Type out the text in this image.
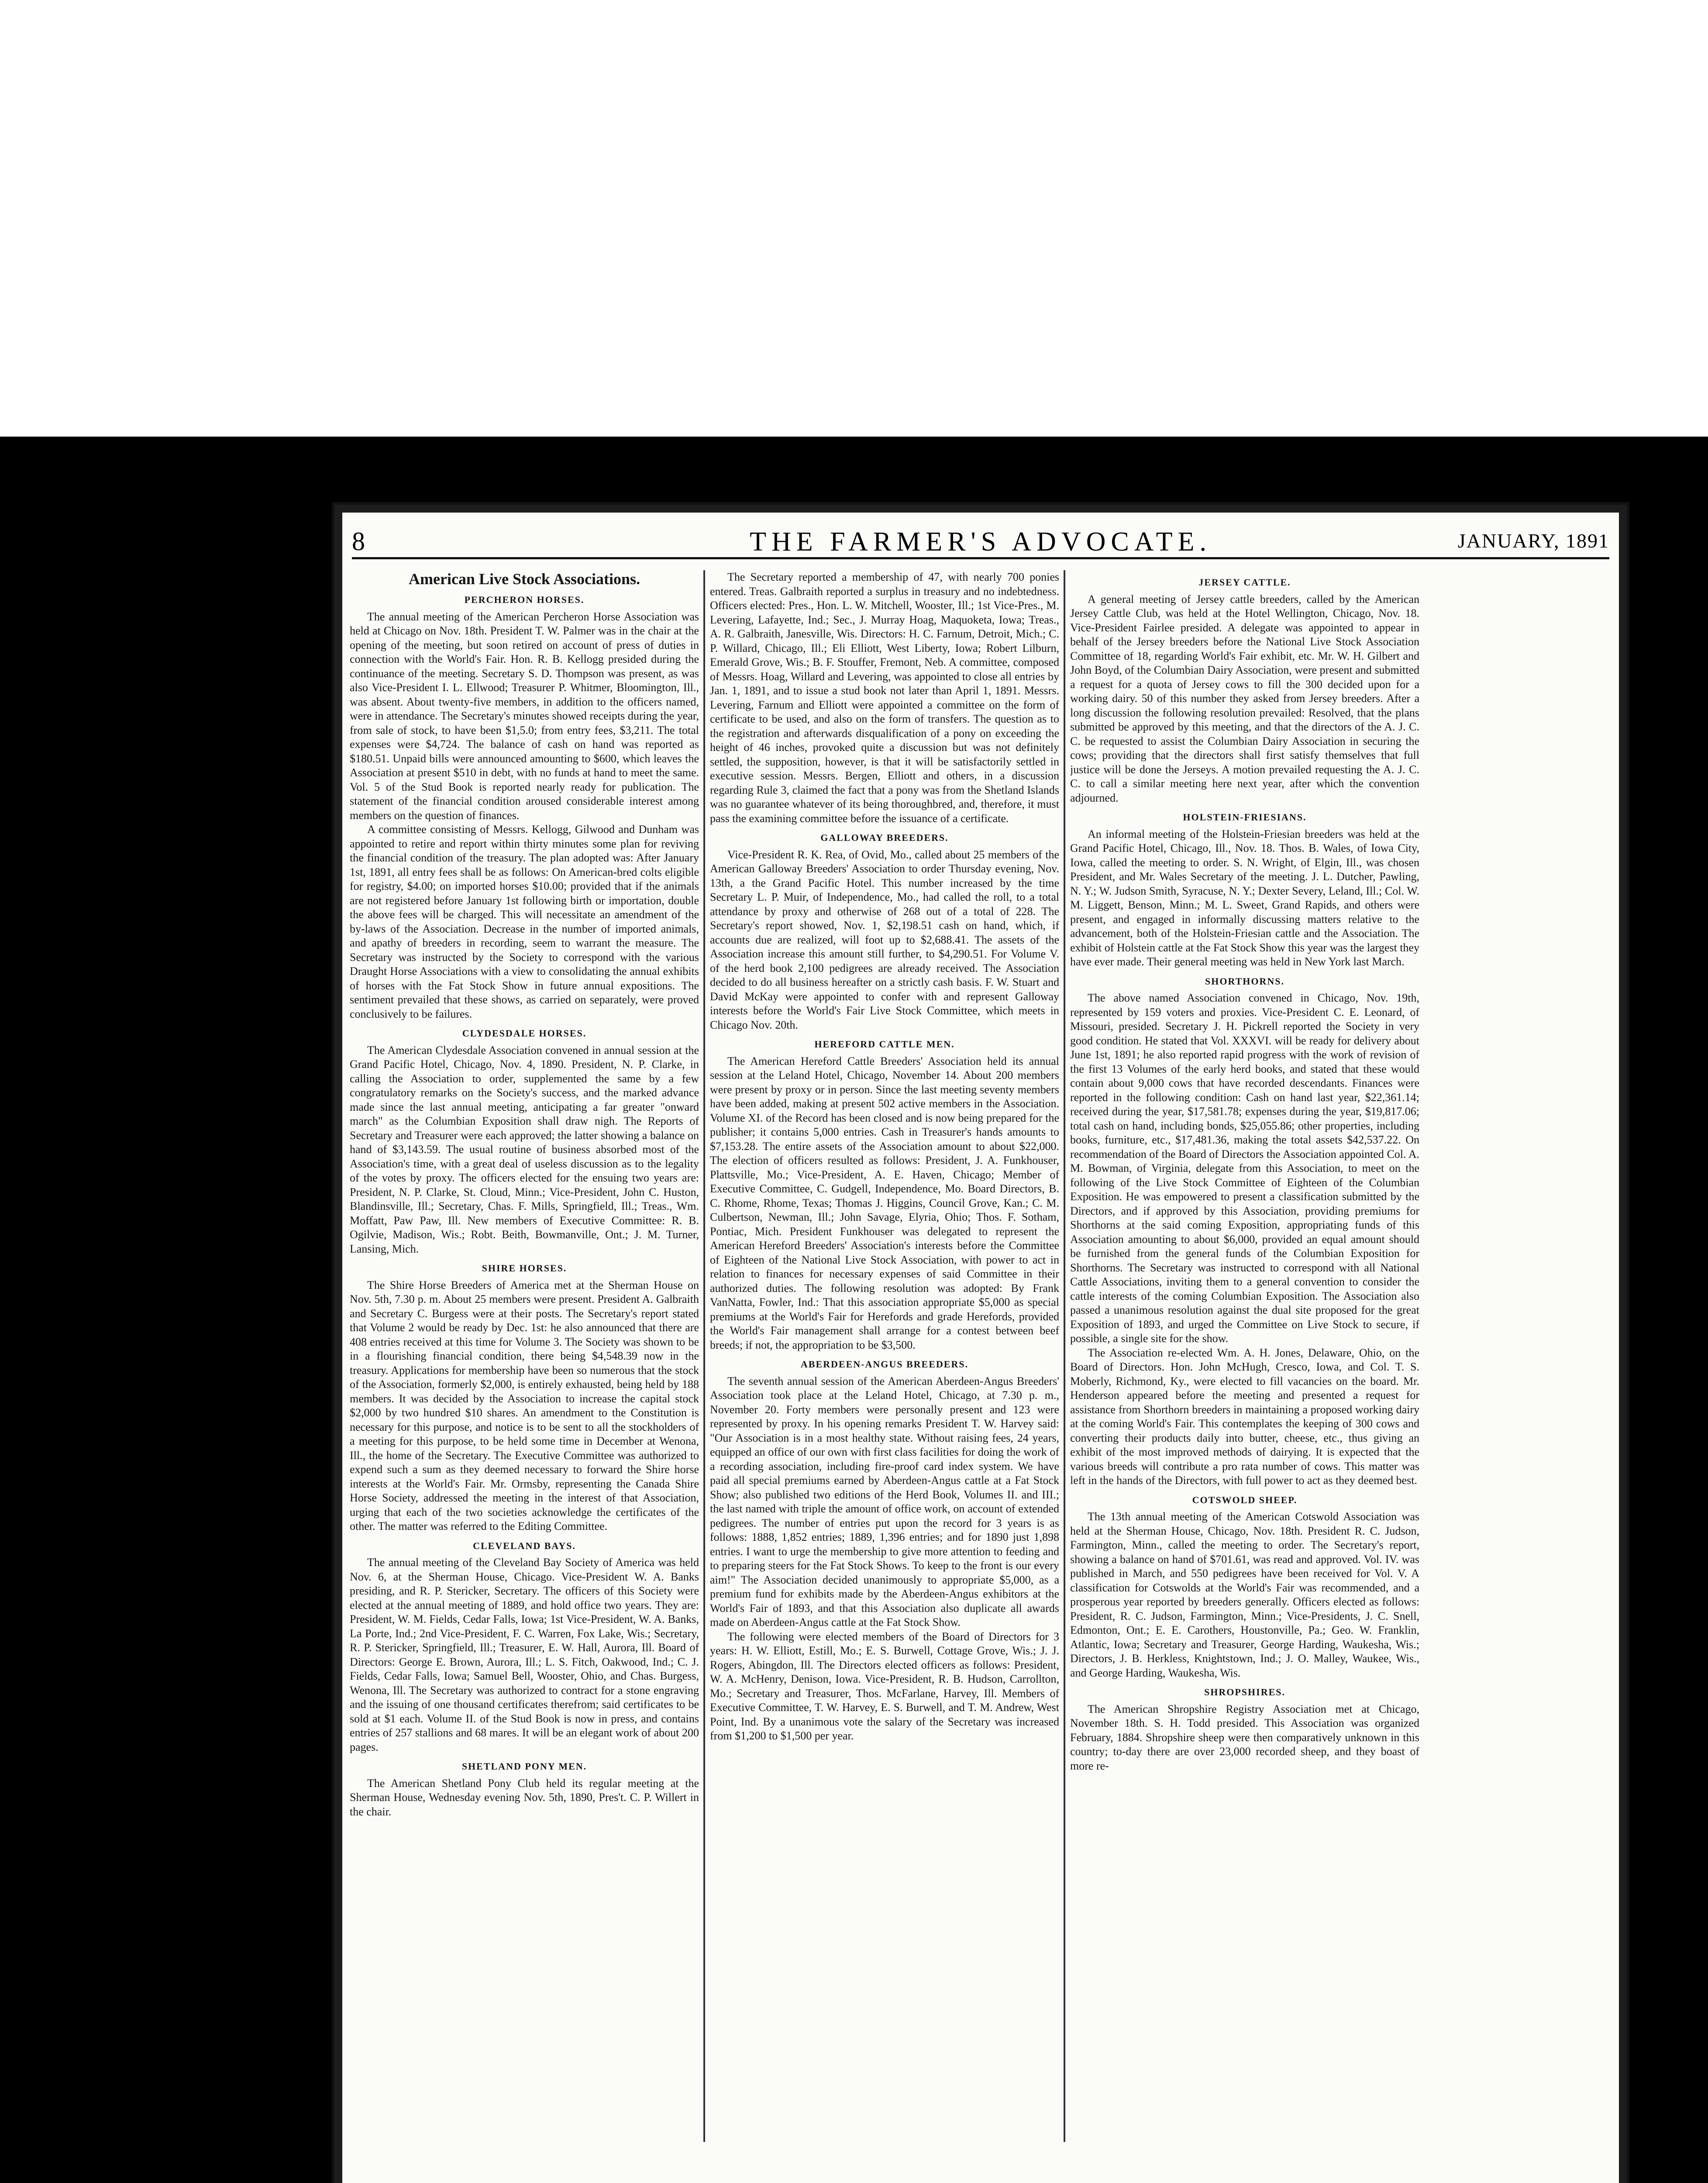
8	THE FARMER'S ADVOCATE.	JANUARY, 1891
American Live Stock Associations.
PERCHERON HORSES.

The annual meeting of the American Percheron Horse Association was held at Chicago on Nov. 18th. President T. W. Palmer was in the chair at the opening of the meeting, but soon retired on account of press of duties in connection with the World's Fair. Hon. R. B. Kellogg presided during the continuance of the meeting. Secretary S. D. Thompson was present, as was also Vice-President I. L. Ellwood; Treasurer P. Whitmer, Bloomington, Ill., was absent. About twenty-five members, in addition to the officers named, were in attendance. The Secretary's minutes showed receipts during the year, from sale of stock, to have been $1,5.0; from entry fees, $3,211. The total expenses were $4,724. The balance of cash on hand was reported as $180.51. Unpaid bills were announced amounting to $600, which leaves the Association at present $510 in debt, with no funds at hand to meet the same. Vol. 5 of the Stud Book is reported nearly ready for publication. The statement of the financial condition aroused considerable interest among members on the question of finances.

A committee consisting of Messrs. Kellogg, Gilwood and Dunham was appointed to retire and report within thirty minutes some plan for reviving the financial condition of the treasury. The plan adopted was: After January 1st, 1891, all entry fees shall be as follows: On American-bred colts eligible for registry, $4.00; on imported horses $10.00; provided that if the animals are not registered before January 1st following birth or importation, double the above fees will be charged. This will necessitate an amendment of the by-laws of the Association. Decrease in the number of imported animals, and apathy of breeders in recording, seem to warrant the measure. The Secretary was instructed by the Society to correspond with the various Draught Horse Associations with a view to consolidating the annual exhibits of horses with the Fat Stock Show in future annual expositions. The sentiment prevailed that these shows, as carried on separately, were proved conclusively to be failures.

CLYDESDALE HORSES.

The American Clydesdale Association convened in annual session at the Grand Pacific Hotel, Chicago, Nov. 4, 1890. President, N. P. Clarke, in calling the Association to order, supplemented the same by a few congratulatory remarks on the Society's success, and the marked advance made since the last annual meeting, anticipating a far greater "onward march" as the Columbian Exposition shall draw nigh. The Reports of Secretary and Treasurer were each approved; the latter showing a balance on hand of $3,143.59. The usual routine of business absorbed most of the Association's time, with a great deal of useless discussion as to the legality of the votes by proxy. The officers elected for the ensuing two years are: President, N. P. Clarke, St. Cloud, Minn.; Vice-President, John C. Huston, Blandinsville, Ill.; Secretary, Chas. F. Mills, Springfield, Ill.; Treas., Wm. Moffatt, Paw Paw, Ill. New members of Executive Committee: R. B. Ogilvie, Madison, Wis.; Robt. Beith, Bowmanville, Ont.; J. M. Turner, Lansing, Mich.

SHIRE HORSES.

The Shire Horse Breeders of America met at the Sherman House on Nov. 5th, 7.30 p. m. About 25 members were present. President A. Galbraith and Secretary C. Burgess were at their posts. The Secretary's report stated that Volume 2 would be ready by Dec. 1st: he also announced that there are 408 entries received at this time for Volume 3. The Society was shown to be in a flourishing financial condition, there being $4,548.39 now in the treasury. Applications for membership have been so numerous that the stock of the Association, formerly $2,000, is entirely exhausted, being held by 188 members. It was decided by the Association to increase the capital stock $2,000 by two hundred $10 shares. An amendment to the Constitution is necessary for this purpose, and notice is to be sent to all the stockholders of a meeting for this purpose, to be held some time in December at Wenona, Ill., the home of the Secretary. The Executive Committee was authorized to expend such a sum as they deemed necessary to forward the Shire horse interests at the World's Fair. Mr. Ormsby, representing the Canada Shire Horse Society, addressed the meeting in the interest of that Association, urging that each of the two societies acknowledge the certificates of the other. The matter was referred to the Editing Committee.

CLEVELAND BAYS.

The annual meeting of the Cleveland Bay Society of America was held Nov. 6, at the Sherman House, Chicago. Vice-President W. A. Banks presiding, and R. P. Stericker, Secretary. The officers of this Society were elected at the annual meeting of 1889, and hold office two years. They are: President, W. M. Fields, Cedar Falls, Iowa; 1st Vice-President, W. A. Banks, La Porte, Ind.; 2nd Vice-President, F. C. Warren, Fox Lake, Wis.; Secretary, R. P. Stericker, Springfield, Ill.; Treasurer, E. W. Hall, Aurora, Ill. Board of Directors: George E. Brown, Aurora, Ill.; L. S. Fitch, Oakwood, Ind.; C. J. Fields, Cedar Falls, Iowa; Samuel Bell, Wooster, Ohio, and Chas. Burgess, Wenona, Ill. The Secretary was authorized to contract for a stone engraving and the issuing of one thousand certificates therefrom; said certificates to be sold at $1 each. Volume II. of the Stud Book is now in press, and contains entries of 257 stallions and 68 mares. It will be an elegant work of about 200 pages.

SHETLAND PONY MEN.

The American Shetland Pony Club held its regular meeting at the Sherman House, Wednesday evening Nov. 5th, 1890, Pres't. C. P. Willert in the chair.

The Secretary reported a membership of 47, with nearly 700 ponies entered. Treas. Galbraith reported a surplus in treasury and no indebtedness. Officers elected: Pres., Hon. L. W. Mitchell, Wooster, Ill.; 1st Vice-Pres., M. Levering, Lafayette, Ind.; Sec., J. Murray Hoag, Maquoketa, Iowa; Treas., A. R. Galbraith, Janesville, Wis. Directors: H. C. Farnum, Detroit, Mich.; C. P. Willard, Chicago, Ill.; Eli Elliott, West Liberty, Iowa; Robert Lilburn, Emerald Grove, Wis.; B. F. Stouffer, Fremont, Neb. A committee, composed of Messrs. Hoag, Willard and Levering, was appointed to close all entries by Jan. 1, 1891, and to issue a stud book not later than April 1, 1891. Messrs. Levering, Farnum and Elliott were appointed a committee on the form of certificate to be used, and also on the form of transfers. The question as to the registration and afterwards disqualification of a pony on exceeding the height of 46 inches, provoked quite a discussion but was not definitely settled, the supposition, however, is that it will be satisfactorily settled in executive session. Messrs. Bergen, Elliott and others, in a discussion regarding Rule 3, claimed the fact that a pony was from the Shetland Islands was no guarantee whatever of its being thoroughbred, and, therefore, it must pass the examining committee before the issuance of a certificate.

GALLOWAY BREEDERS.

Vice-President R. K. Rea, of Ovid, Mo., called about 25 members of the American Galloway Breeders' Association to order Thursday evening, Nov. 13th, a the Grand Pacific Hotel. This number increased by the time Secretary L. P. Muir, of Independence, Mo., had called the roll, to a total attendance by proxy and otherwise of 268 out of a total of 228. The Secretary's report showed, Nov. 1, $2,198.51 cash on hand, which, if accounts due are realized, will foot up to $2,688.41. The assets of the Association increase this amount still further, to $4,290.51. For Volume V. of the herd book 2,100 pedigrees are already received. The Association decided to do all business hereafter on a strictly cash basis. F. W. Stuart and David McKay were appointed to confer with and represent Galloway interests before the World's Fair Live Stock Committee, which meets in Chicago Nov. 20th.

HEREFORD CATTLE MEN.

The American Hereford Cattle Breeders' Association held its annual session at the Leland Hotel, Chicago, November 14. About 200 members were present by proxy or in person. Since the last meeting seventy members have been added, making at present 502 active members in the Association. Volume XI. of the Record has been closed and is now being prepared for the publisher; it contains 5,000 entries. Cash in Treasurer's hands amounts to $7,153.28. The entire assets of the Association amount to about $22,000. The election of officers resulted as follows: President, J. A. Funkhouser, Plattsville, Mo.; Vice-President, A. E. Haven, Chicago; Member of Executive Committee, C. Gudgell, Independence, Mo. Board Directors, B. C. Rhome, Rhome, Texas; Thomas J. Higgins, Council Grove, Kan.; C. M. Culbertson, Newman, Ill.; John Savage, Elyria, Ohio; Thos. F. Sotham, Pontiac, Mich. President Funkhouser was delegated to represent the American Hereford Breeders' Association's interests before the Committee of Eighteen of the National Live Stock Association, with power to act in relation to finances for necessary expenses of said Committee in their authorized duties. The following resolution was adopted: By Frank VanNatta, Fowler, Ind.: That this association appropriate $5,000 as special premiums at the World's Fair for Herefords and grade Herefords, provided the World's Fair management shall arrange for a contest between beef breeds; if not, the appropriation to be $3,500.

ABERDEEN-ANGUS BREEDERS.

The seventh annual session of the American Aberdeen-Angus Breeders' Association took place at the Leland Hotel, Chicago, at 7.30 p. m., November 20. Forty members were personally present and 123 were represented by proxy. In his opening remarks President T. W. Harvey said: "Our Association is in a most healthy state. Without raising fees, 24 years, equipped an office of our own with first class facilities for doing the work of a recording association, including fire-proof card index system. We have paid all special premiums earned by Aberdeen-Angus cattle at a Fat Stock Show; also published two editions of the Herd Book, Volumes II. and III.; the last named with triple the amount of office work, on account of extended pedigrees. The number of entries put upon the record for 3 years is as follows: 1888, 1,852 entries; 1889, 1,396 entries; and for 1890 just 1,898 entries. I want to urge the membership to give more attention to feeding and to preparing steers for the Fat Stock Shows. To keep to the front is our every aim!" The Association decided unanimously to appropriate $5,000, as a premium fund for exhibits made by the Aberdeen-Angus exhibitors at the World's Fair of 1893, and that this Association also duplicate all awards made on Aberdeen-Angus cattle at the Fat Stock Show.

The following were elected members of the Board of Directors for 3 years: H. W. Elliott, Estill, Mo.; E. S. Burwell, Cottage Grove, Wis.; J. J. Rogers, Abingdon, Ill. The Directors elected officers as follows: President, W. A. McHenry, Denison, Iowa. Vice-President, R. B. Hudson, Carrollton, Mo.; Secretary and Treasurer, Thos. McFarlane, Harvey, Ill. Members of Executive Committee, T. W. Harvey, E. S. Burwell, and T. M. Andrew, West Point, Ind. By a unanimous vote the salary of the Secretary was increased from $1,200 to $1,500 per year.

JERSEY CATTLE.

A general meeting of Jersey cattle breeders, called by the American Jersey Cattle Club, was held at the Hotel Wellington, Chicago, Nov. 18. Vice-President Fairlee presided. A delegate was appointed to appear in behalf of the Jersey breeders before the National Live Stock Association Committee of 18, regarding World's Fair exhibit, etc. Mr. W. H. Gilbert and John Boyd, of the Columbian Dairy Association, were present and submitted a request for a quota of Jersey cows to fill the 300 decided upon for a working dairy. 50 of this number they asked from Jersey breeders. After a long discussion the following resolution prevailed: Resolved, that the plans submitted be approved by this meeting, and that the directors of the A. J. C. C. be requested to assist the Columbian Dairy Association in securing the cows; providing that the directors shall first satisfy themselves that full justice will be done the Jerseys. A motion prevailed requesting the A. J. C. C. to call a similar meeting here next year, after which the convention adjourned.

HOLSTEIN-FRIESIANS.

An informal meeting of the Holstein-Friesian breeders was held at the Grand Pacific Hotel, Chicago, Ill., Nov. 18. Thos. B. Wales, of Iowa City, Iowa, called the meeting to order. S. N. Wright, of Elgin, Ill., was chosen President, and Mr. Wales Secretary of the meeting. J. L. Dutcher, Pawling, N. Y.; W. Judson Smith, Syracuse, N. Y.; Dexter Severy, Leland, Ill.; Col. W. M. Liggett, Benson, Minn.; M. L. Sweet, Grand Rapids, and others were present, and engaged in informally discussing matters relative to the advancement, both of the Holstein-Friesian cattle and the Association. The exhibit of Holstein cattle at the Fat Stock Show this year was the largest they have ever made. Their general meeting was held in New York last March.

SHORTHORNS.

The above named Association convened in Chicago, Nov. 19th, represented by 159 voters and proxies. Vice-President C. E. Leonard, of Missouri, presided. Secretary J. H. Pickrell reported the Society in very good condition. He stated that Vol. XXXVI. will be ready for delivery about June 1st, 1891; he also reported rapid progress with the work of revision of the first 13 Volumes of the early herd books, and stated that these would contain about 9,000 cows that have recorded descendants. Finances were reported in the following condition: Cash on hand last year, $22,361.14; received during the year, $17,581.78; expenses during the year, $19,817.06; total cash on hand, including bonds, $25,055.86; other properties, including books, furniture, etc., $17,481.36, making the total assets $42,537.22. On recommendation of the Board of Directors the Association appointed Col. A. M. Bowman, of Virginia, delegate from this Association, to meet on the following of the Live Stock Committee of Eighteen of the Columbian Exposition. He was empowered to present a classification submitted by the Directors, and if approved by this Association, providing premiums for Shorthorns at the said coming Exposition, appropriating funds of this Association amounting to about $6,000, provided an equal amount should be furnished from the general funds of the Columbian Exposition for Shorthorns. The Secretary was instructed to correspond with all National Cattle Associations, inviting them to a general convention to consider the cattle interests of the coming Columbian Exposition. The Association also passed a unanimous resolution against the dual site proposed for the great Exposition of 1893, and urged the Committee on Live Stock to secure, if possible, a single site for the show.

The Association re-elected Wm. A. H. Jones, Delaware, Ohio, on the Board of Directors. Hon. John McHugh, Cresco, Iowa, and Col. T. S. Moberly, Richmond, Ky., were elected to fill vacancies on the board. Mr. Henderson appeared before the meeting and presented a request for assistance from Shorthorn breeders in maintaining a proposed working dairy at the coming World's Fair. This contemplates the keeping of 300 cows and converting their products daily into butter, cheese, etc., thus giving an exhibit of the most improved methods of dairying. It is expected that the various breeds will contribute a pro rata number of cows. This matter was left in the hands of the Directors, with full power to act as they deemed best.

COTSWOLD SHEEP.

The 13th annual meeting of the American Cotswold Association was held at the Sherman House, Chicago, Nov. 18th. President R. C. Judson, Farmington, Minn., called the meeting to order. The Secretary's report, showing a balance on hand of $701.61, was read and approved. Vol. IV. was published in March, and 550 pedigrees have been received for Vol. V. A classification for Cotswolds at the World's Fair was recommended, and a prosperous year reported by breeders generally. Officers elected as follows: President, R. C. Judson, Farmington, Minn.; Vice-Presidents, J. C. Snell, Edmonton, Ont.; E. E. Carothers, Houstonville, Pa.; Geo. W. Franklin, Atlantic, Iowa; Secretary and Treasurer, George Harding, Waukesha, Wis.; Directors, J. B. Herkless, Knightstown, Ind.; J. O. Malley, Waukee, Wis., and George Harding, Waukesha, Wis.

SHROPSHIRES.

The American Shropshire Registry Association met at Chicago, November 18th. S. H. Todd presided. This Association was organized February, 1884. Shropshire sheep were then comparatively unknown in this country; to-day there are over 23,000 recorded sheep, and they boast of more re-
